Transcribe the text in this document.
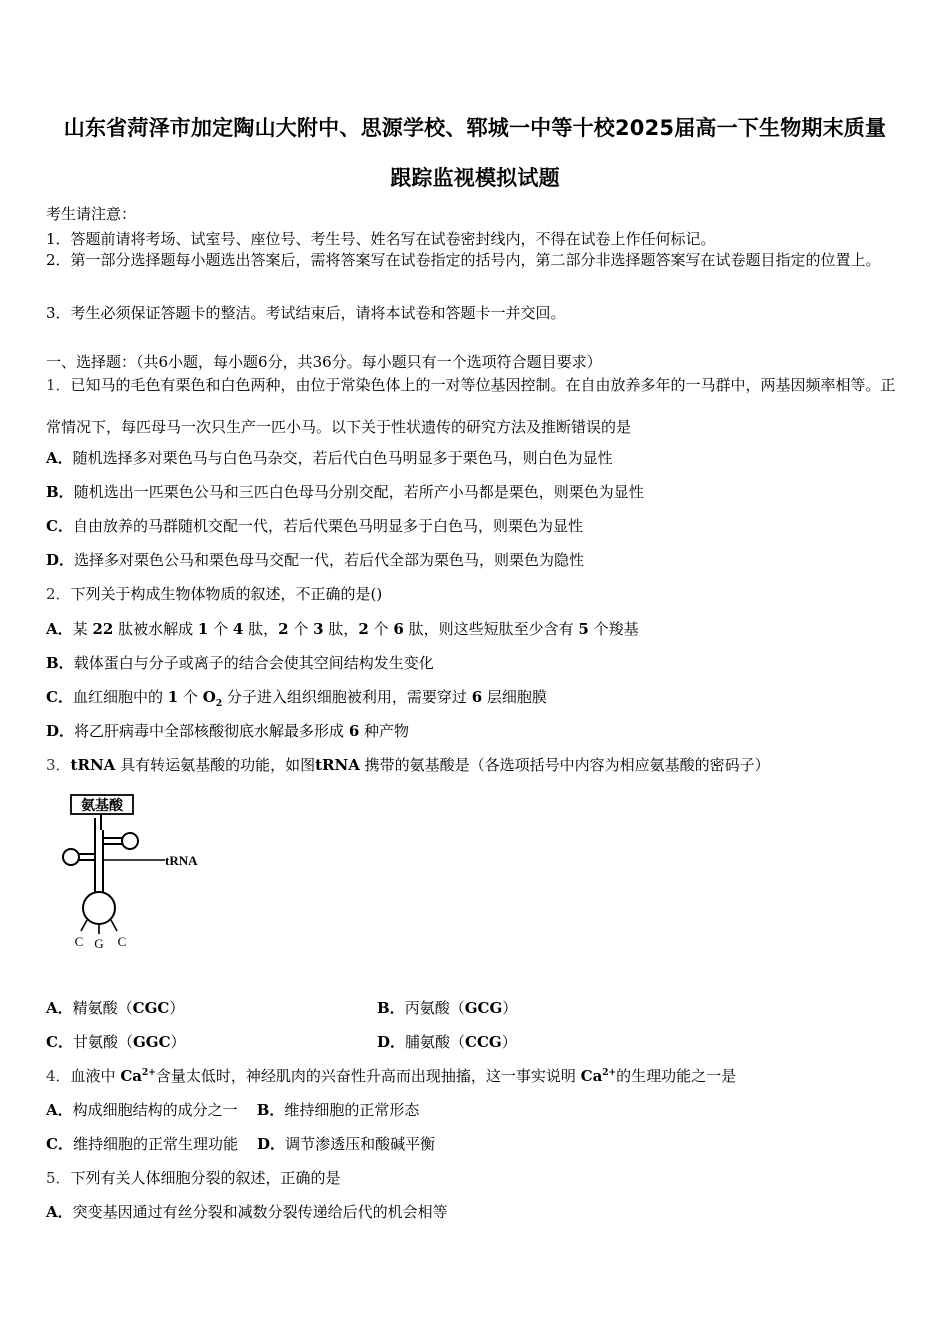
山东省菏泽市加定陶山大附中、思源学校、郓城一中等十校2025届高一下生物期末质量
跟踪监视模拟试题
考生请注意：
1．答题前请将考场、试室号、座位号、考生号、姓名写在试卷密封线内，不得在试卷上作任何标记。
2．第一部分选择题每小题选出答案后，需将答案写在试卷指定的括号内，第二部分非选择题答案写在试卷题目指定的位置上。
3．考生必须保证答题卡的整洁。考试结束后，请将本试卷和答题卡一并交回。
一、选择题：（共6小题，每小题6分，共36分。每小题只有一个选项符合题目要求）
1．已知马的毛色有栗色和白色两种，由位于常染色体上的一对等位基因控制。在自由放养多年的一马群中，两基因频率相等。正常情况下，每匹母马一次只生产一匹小马。以下关于性状遗传的研究方法及推断错误的是
A．随机选择多对栗色马与白色马杂交，若后代白色马明显多于栗色马，则白色为显性
B．随机选出一匹栗色公马和三匹白色母马分别交配，若所产小马都是栗色，则栗色为显性
C．自由放养的马群随机交配一代，若后代栗色马明显多于白色马，则栗色为显性
D．选择多对栗色公马和栗色母马交配一代，若后代全部为栗色马，则栗色为隐性
2．下列关于构成生物体物质的叙述，不正确的是()
A．某 22 肽被水解成 1 个 4 肽，2 个 3 肽，2 个 6 肽，则这些短肽至少含有 5 个羧基
B．载体蛋白与分子或离子的结合会使其空间结构发生变化
C．血红细胞中的 1 个 $O_2$ 分子进入组织细胞被利用，需要穿过 6 层细胞膜
D．将乙肝病毒中全部核酸彻底水解最多形成 6 种产物
3．tRNA 具有转运氨基酸的功能，如图tRNA 携带的氨基酸是（各选项括号中内容为相应氨基酸的密码子）
氨基酸
tRNA
C G C
A．精氨酸（CGC）	B．丙氨酸（GCG）
C．甘氨酸（GGC）	D．脯氨酸（CCG）
4．血液中 $Ca^{2+}$含量太低时，神经肌肉的兴奋性升高而出现抽搐，这一事实说明 $Ca^{2+}$的生理功能之一是
A．构成细胞结构的成分之一 B．维持细胞的正常形态
C．维持细胞的正常生理功能 D．调节渗透压和酸碱平衡
5．下列有关人体细胞分裂的叙述，正确的是
A．突变基因通过有丝分裂和减数分裂传递给后代的机会相等
